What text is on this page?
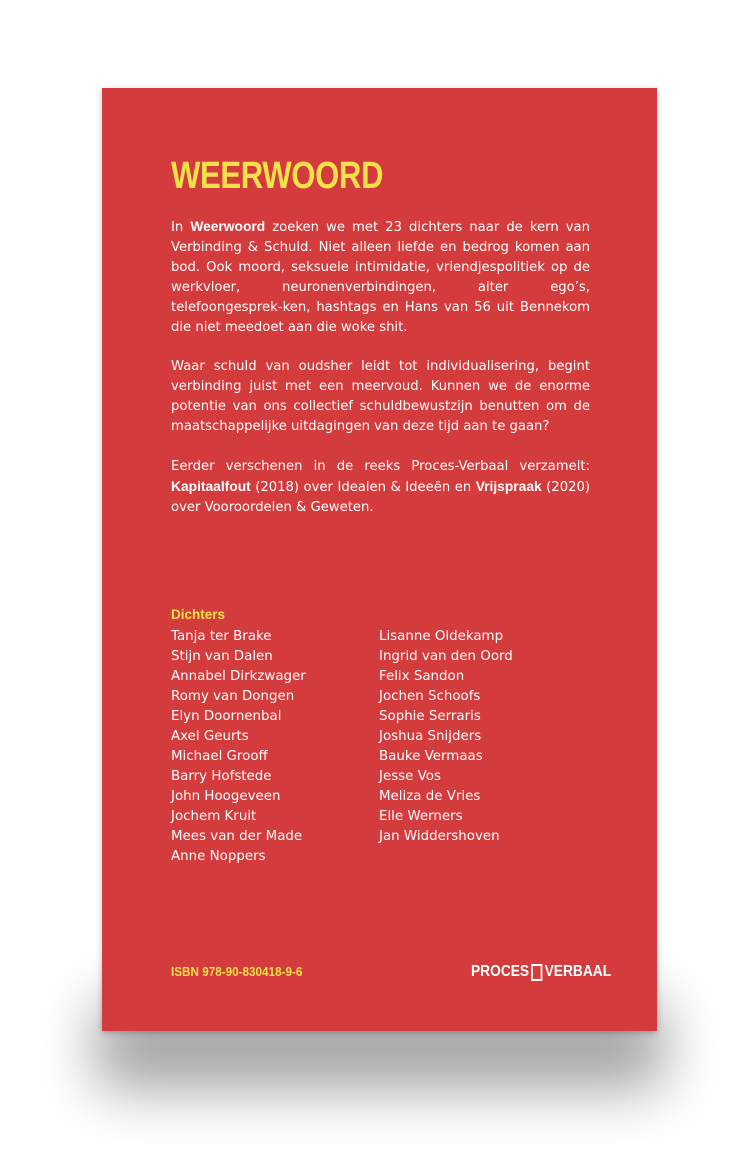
WEERWOORD

In Weerwoord zoeken we met 23 dichters naar de kern van Verbinding & Schuld. Niet alleen liefde en bedrog komen aan bod. Ook moord, seksuele intimidatie, vriendjespolitiek op de werkvloer, neuronenverbindingen, alter ego’s, telefoongesprek-ken, hashtags en Hans van 56 uit Bennekom die niet meedoet aan die woke shit.

Waar schuld van oudsher leidt tot individualisering, begint verbinding juist met een meervoud. Kunnen we de enorme potentie van ons collectief schuldbewustzijn benutten om de maatschappelijke uitdagingen van deze tijd aan te gaan?

Eerder verschenen in de reeks Proces-Verbaal verzamelt: Kapitaalfout (2018) over Idealen & Ideeën en Vrijspraak (2020) over Vooroordelen & Geweten.

Dichters
Tanja ter Brake
Stijn van Dalen
Annabel Dirkzwager
Romy van Dongen
Elyn Doornenbal
Axel Geurts
Michael Grooff
Barry Hofstede
John Hoogeveen
Jochem Kruit
Mees van der Made
Anne Noppers
Lisanne Oldekamp
Ingrid van den Oord
Felix Sandon
Jochen Schoofs
Sophie Serraris
Joshua Snijders
Bauke Vermaas
Jesse Vos
Meliza de Vries
Elle Werners
Jan Widdershoven
ISBN 978-90-830418-9-6	PROCES VERBAAL
